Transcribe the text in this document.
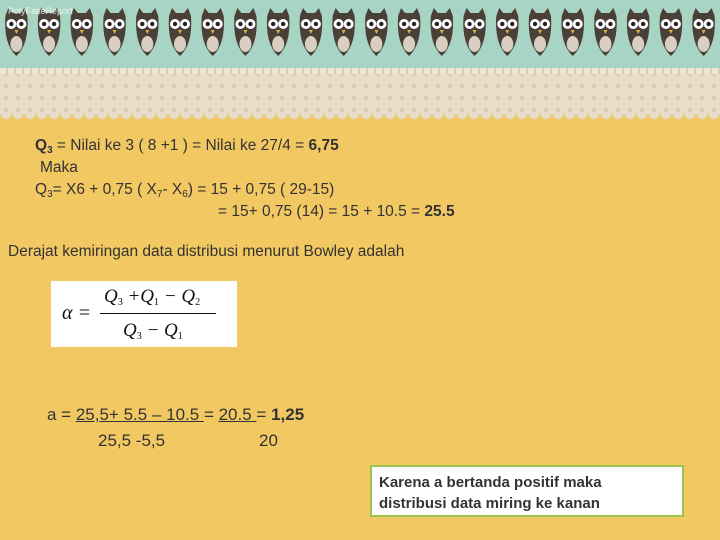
PolyFakeReport
$Q_3$ = Nilai ke 3 ( 8 +1 ) = Nilai ke 27/4 = 6,75
Maka
$Q_3= X6 + 0,75$ ( $X_7-$ $X_6) = 15 + 0,75$ ( 29-15)
= 15+ 0,75 (14) = 15 + 10.5 = 25.5
Derajat kemiringan data distribusi menurut Bowley adalah
α =
Q3 +Q1 − Q2
Q3 − Q1
a = 25,5+ 5.5 – 10.5 = 20.5 = 1,25
25,5 -5,5	20
Karena a bertanda positif maka
distribusi data miring ke kanan
